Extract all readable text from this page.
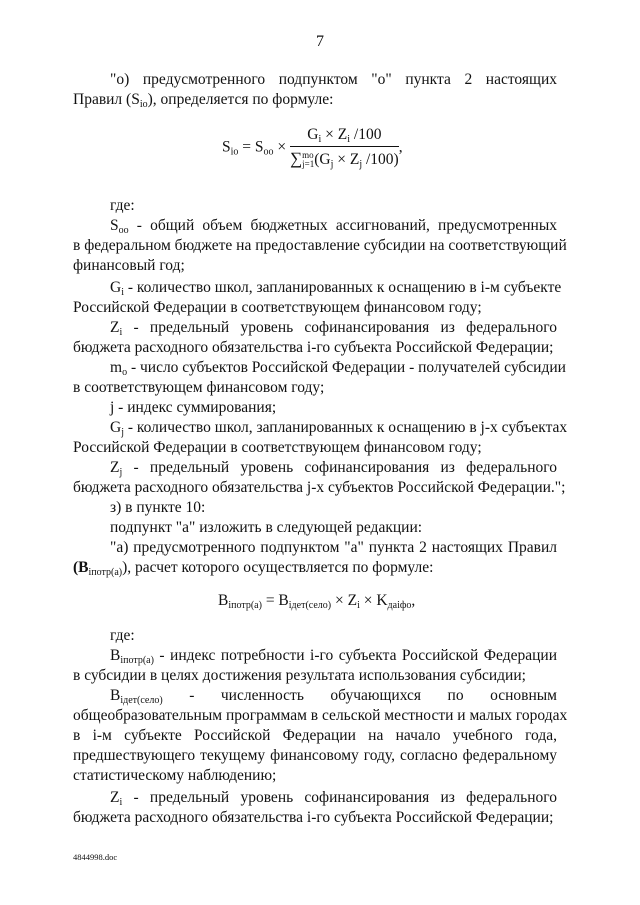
7
"о) предусмотренного подпунктом "о" пункта 2 настоящих
Правил $(S_{io})$, определяется по формуле:
$S_{io} = S_{oo}$ ×
$G_i \times Z_i$ /100
∑mo
$j=1(G_j \times Z_j$ /100)
,
где:
$S_{oo}$ - общий объем бюджетных ассигнований, предусмотренных
в федеральном бюджете на предоставление субсидии на соответствующий
финансовый год;
$G_i$ - количество школ, запланированных к оснащению в i-м субъекте
Российской Федерации в соответствующем финансовом году;
$Z_i$ - предельный уровень софинансирования из федерального
бюджета расходного обязательства i-го субъекта Российской Федерации;
$m_o$ - число субъектов Российской Федерации - получателей субсидии
в соответствующем финансовом году;
j - индекс суммирования;
$G_j$ - количество школ, запланированных к оснащению в j-х субъектах
Российской Федерации в соответствующем финансовом году;
$Z_j$ - предельный уровень софинансирования из федерального
бюджета расходного обязательства j-х субъектов Российской Федерации.";
з) в пункте 10:
подпункт "а" изложить в следующей редакции:
"а) предусмотренного подпунктом "а" пункта 2 настоящих Правил
$(B_{iпотр(а)})$, расчет которого осуществляется по формуле:
$B_{iпотр(а)} = B_{iдет(село)} \times Z_i \times K_{даіфо}$,
где:
$B_{iпотр(а)}$ - индекс потребности i-го субъекта Российской Федерации
в субсидии в целях достижения результата использования субсидии;
$B_{iдет(село)}$ - численность обучающихся по основным
общеобразовательным программам в сельской местности и малых городах
в i-м субъекте Российской Федерации на начало учебного года,
предшествующего текущему финансовому году, согласно федеральному
статистическому наблюдению;
$Z_i$ - предельный уровень софинансирования из федерального
бюджета расходного обязательства i-го субъекта Российской Федерации;
4844998.doc
